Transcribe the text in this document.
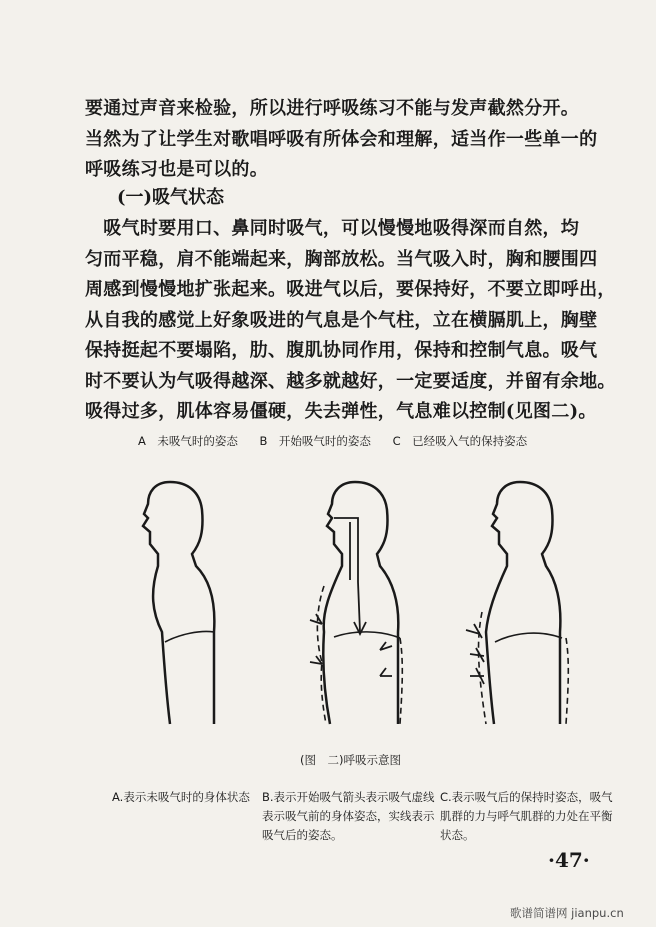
要通过声音来检验，所以进行呼吸练习不能与发声截然分开。
当然为了让学生对歌唱呼吸有所体会和理解，适当作一些单一的
呼吸练习也是可以的。
(一)吸气状态
　吸气时要用口、鼻同时吸气，可以慢慢地吸得深而自然，均
匀而平稳，肩不能端起来，胸部放松。当气吸入时，胸和腰围四
周感到慢慢地扩张起来。吸进气以后，要保持好，不要立即呼出，
从自我的感觉上好象吸进的气息是个气柱，立在横膈肌上，胸壁
保持挺起不要塌陷，肋、腹肌协同作用，保持和控制气息。吸气
时不要认为气吸得越深、越多就越好，一定要适度，并留有余地。
吸得过多，肌体容易僵硬，失去弹性，气息难以控制(见图二)。
A　未吸气时的姿态 B　开始吸气时的姿态 C　已经吸入气的保持姿态
(图　二)呼吸示意图
A.表示未吸气时的身体状态	B.表示开始吸气箭头表示吸气虚线表示吸气前的身体姿态，实线表示吸气后的姿态。
C.表示吸气后的保持时姿态，吸气肌群的力与呼气肌群的力处在平衡状态。
·47·
歌谱简谱网 jianpu.cn
